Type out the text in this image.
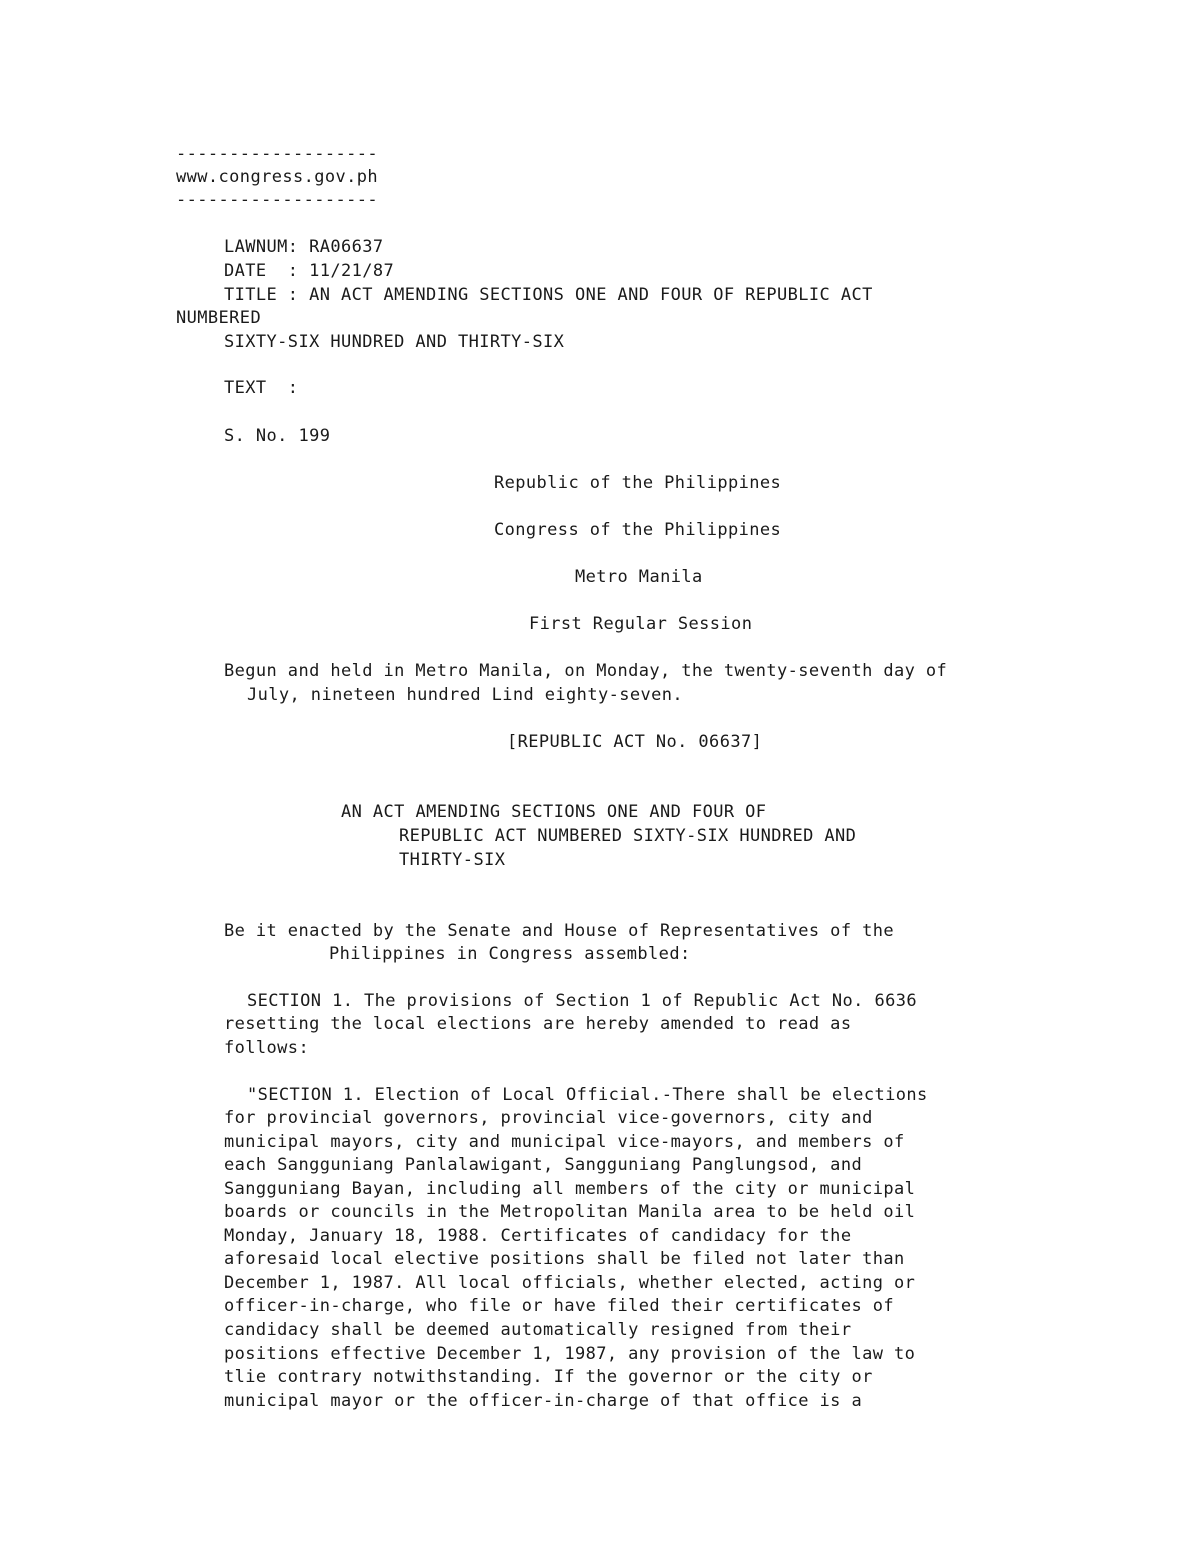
-------------------
www.congress.gov.ph
-------------------
LAWNUM: RA06637
DATE  : 11/21/87
TITLE : AN ACT AMENDING SECTIONS ONE AND FOUR OF REPUBLIC ACT
NUMBERED
SIXTY-SIX HUNDRED AND THIRTY-SIX
TEXT  :
S. No. 199
Republic of the Philippines
Congress of the Philippines
Metro Manila
First Regular Session
Begun and held in Metro Manila, on Monday, the twenty-seventh day of
July, nineteen hundred Lind eighty-seven.
[REPUBLIC ACT No. 06637]
AN ACT AMENDING SECTIONS ONE AND FOUR OF
REPUBLIC ACT NUMBERED SIXTY-SIX HUNDRED AND
THIRTY-SIX
Be it enacted by the Senate and House of Representatives of the
Philippines in Congress assembled:
SECTION 1. The provisions of Section 1 of Republic Act No. 6636
resetting the local elections are hereby amended to read as
follows:
"SECTION 1. Election of Local Official.-There shall be elections
for provincial governors, provincial vice-governors, city and
municipal mayors, city and municipal vice-mayors, and members of
each Sangguniang Panlalawigant, Sangguniang Panglungsod, and
Sangguniang Bayan, including all members of the city or municipal
boards or councils in the Metropolitan Manila area to be held oil
Monday, January 18, 1988. Certificates of candidacy for the
aforesaid local elective positions shall be filed not later than
December 1, 1987. All local officials, whether elected, acting or
officer-in-charge, who file or have filed their certificates of
candidacy shall be deemed automatically resigned from their
positions effective December 1, 1987, any provision of the law to
tlie contrary notwithstanding. If the governor or the city or
municipal mayor or the officer-in-charge of that office is a
